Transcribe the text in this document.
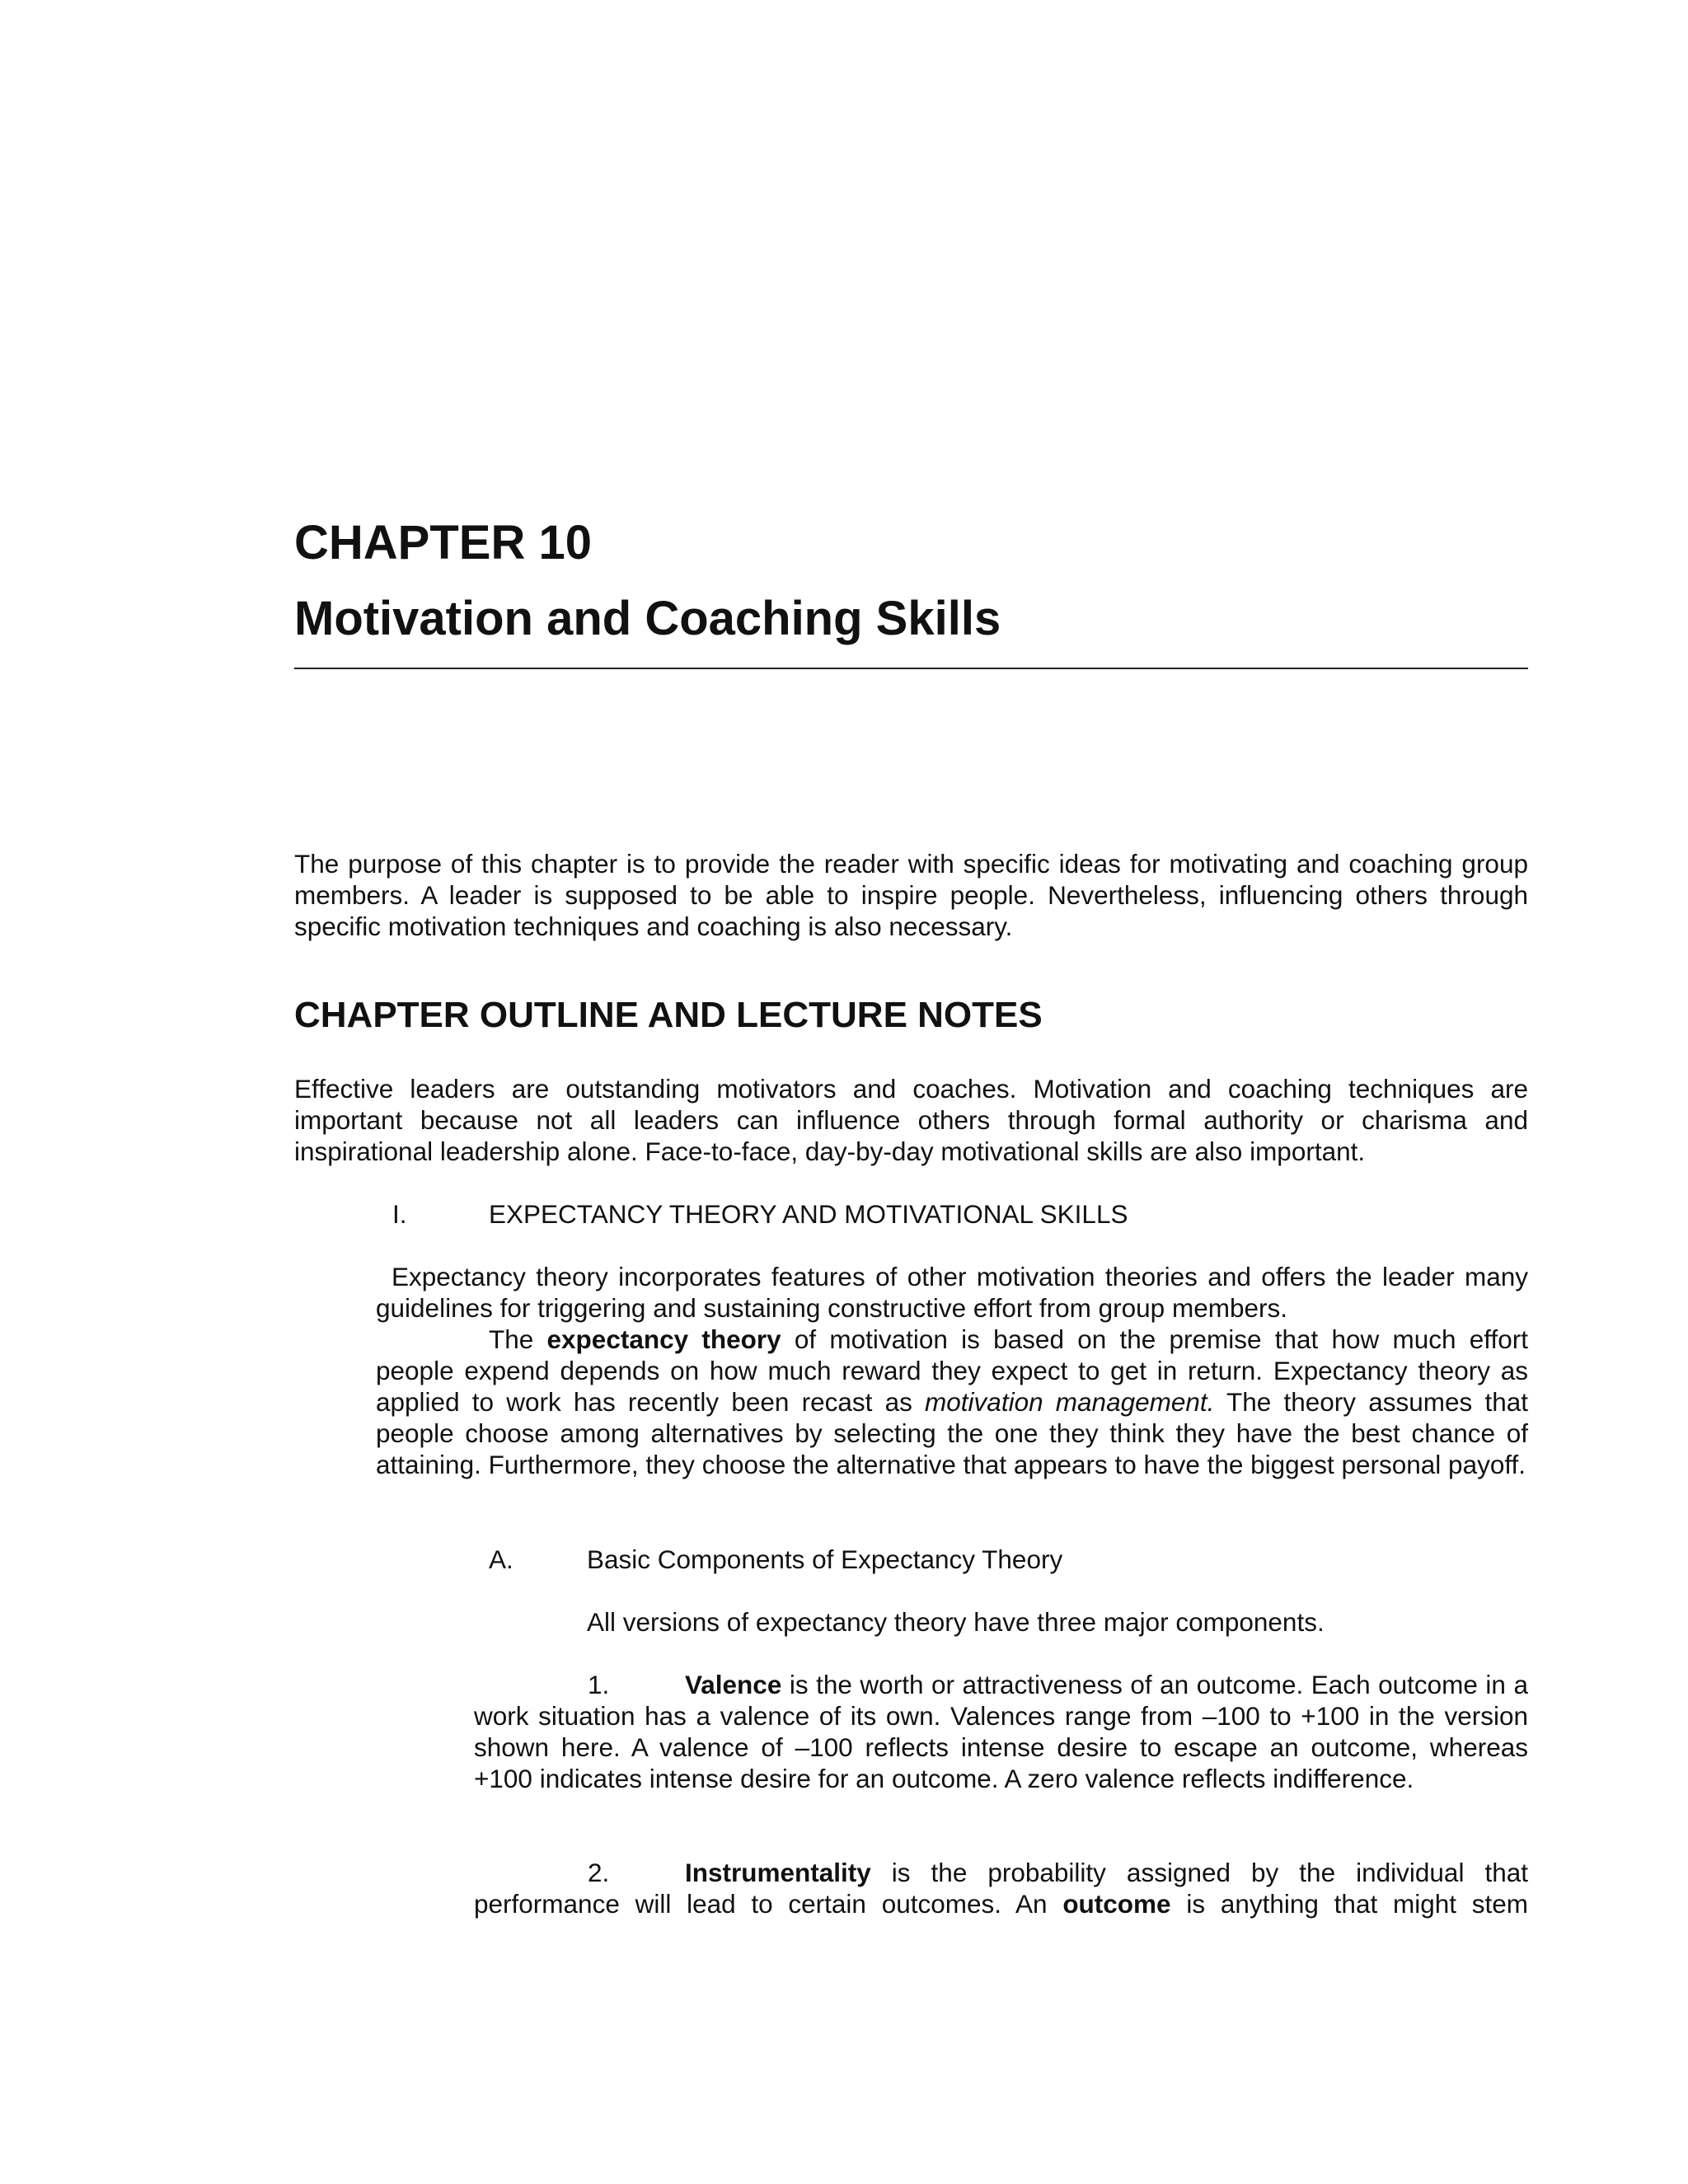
CHAPTER 10
Motivation and Coaching Skills

The purpose of this chapter is to provide the reader with specific ideas for motivating and coaching group members. A leader is supposed to be able to inspire people. Nevertheless, influencing others through specific motivation techniques and coaching is also necessary.

CHAPTER OUTLINE AND LECTURE NOTES

Effective leaders are outstanding motivators and coaches. Motivation and coaching techniques are important because not all leaders can influence others through formal authority or charisma and inspirational leadership alone. Face-to-face, day-by-day motivational skills are also important.

I.	EXPECTANCY THEORY AND MOTIVATIONAL SKILLS

Expectancy theory incorporates features of other motivation theories and offers the leader many guidelines for triggering and sustaining constructive effort from group members.

The expectancy theory of motivation is based on the premise that how much effort people expend depends on how much reward they expect to get in return. Expectancy theory as applied to work has recently been recast as motivation management. The theory assumes that people choose among alternatives by selecting the one they think they have the best chance of attaining. Furthermore, they choose the alternative that appears to have the biggest personal payoff.

A.	Basic Components of Expectancy Theory

All versions of expectancy theory have three major components.

1.	Valence is the worth or attractiveness of an outcome. Each outcome in a work situation has a valence of its own. Valences range from –100 to +100 in the version shown here. A valence of –100 reflects intense desire to escape an outcome, whereas +100 indicates intense desire for an outcome. A zero valence reflects indifference.

2.	Instrumentality is the probability assigned by the individual that performance will lead to certain outcomes. An outcome is anything that might stem
